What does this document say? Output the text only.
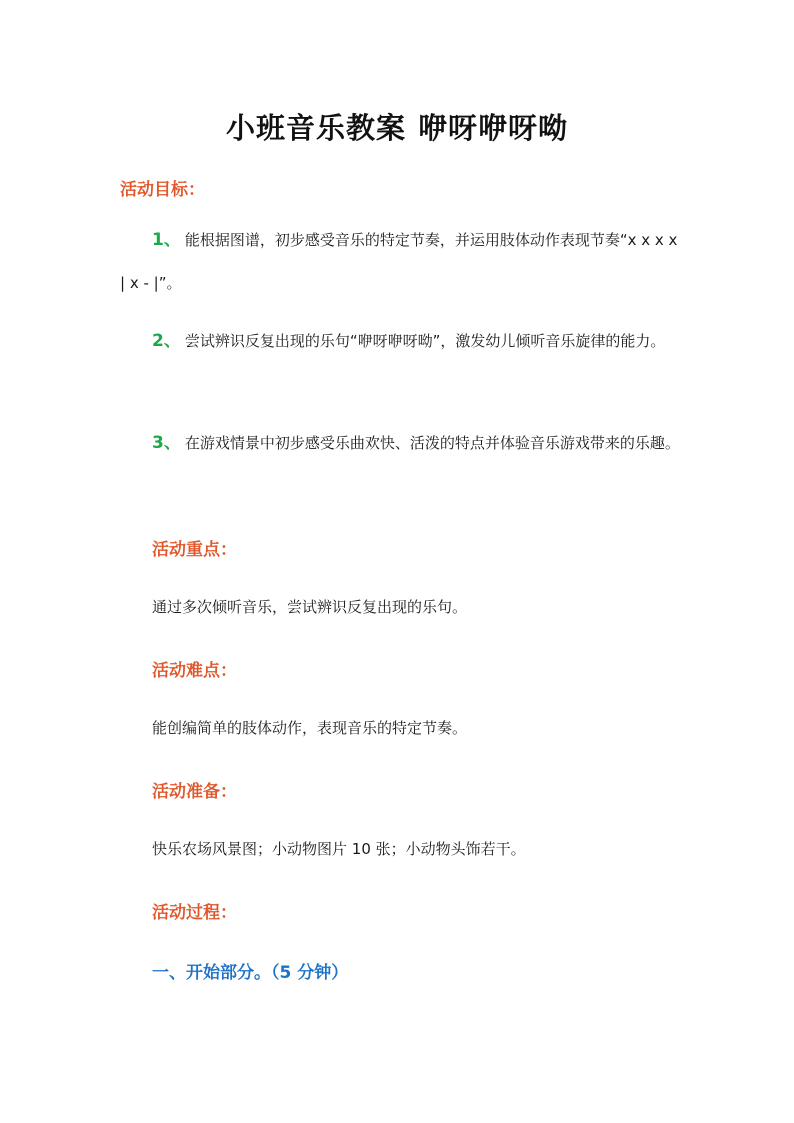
小班音乐教案 咿呀咿呀呦
活动目标：
1、 能根据图谱，初步感受音乐的特定节奏，并运用肢体动作表现节奏“x x x x | x - |”。
2、 尝试辨识反复出现的乐句“咿呀咿呀呦”，激发幼儿倾听音乐旋律的能力。
3、 在游戏情景中初步感受乐曲欢快、活泼的特点并体验音乐游戏带来的乐趣。
活动重点：
通过多次倾听音乐，尝试辨识反复出现的乐句。
活动难点：
能创编简单的肢体动作，表现音乐的特定节奏。
活动准备：
快乐农场风景图；小动物图片 10 张；小动物头饰若干。
活动过程：
一、开始部分。（5 分钟）
